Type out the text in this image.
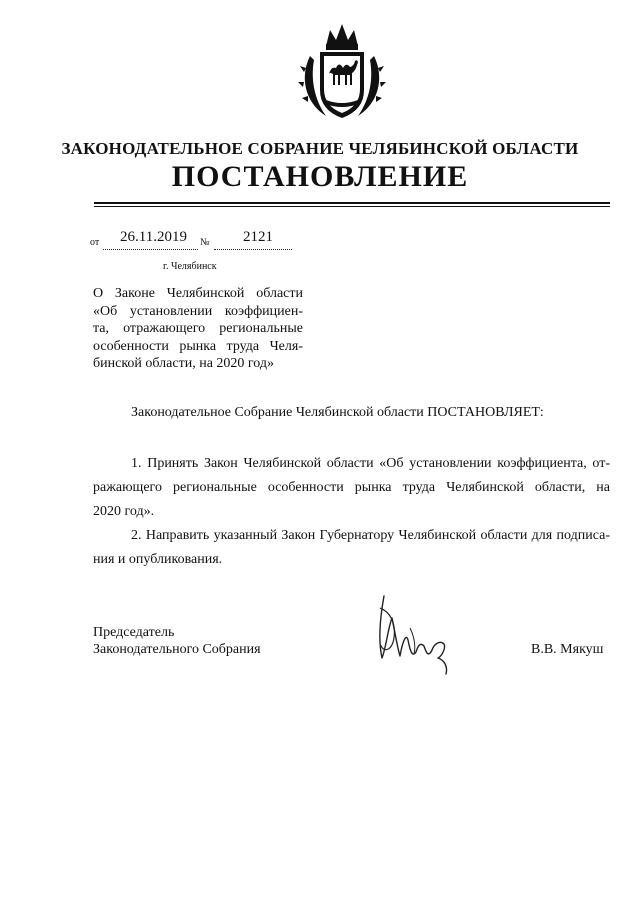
ЗАКОНОДАТЕЛЬНОЕ СОБРАНИЕ ЧЕЛЯБИНСКОЙ ОБЛАСТИ
ПОСТАНОВЛЕНИЕ
от 26.11.2019 № 2121
г. Челябинск
О Законе Челябинской области
«Об установлении коэффициен-
та, отражающего региональные
особенности рынка труда Челя-
бинской области, на 2020 год»
Законодательное Собрание Челябинской области ПОСТАНОВЛЯЕТ:
1. Принять Закон Челябинской области «Об установлении коэффициента, от-
ражающего региональные особенности рынка труда Челябинской области, на
2020 год».
2. Направить указанный Закон Губернатору Челябинской области для подписа-
ния и опубликования.
Председатель
Законодательного Собрания	В.В. Мякуш
